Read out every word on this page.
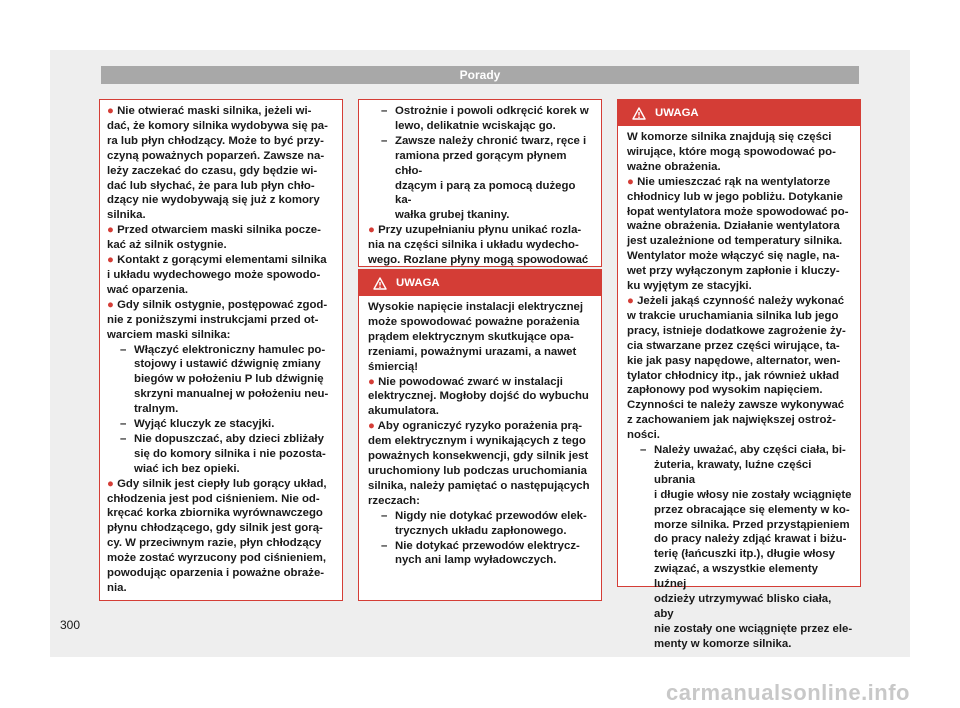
Porady

● Nie otwierać maski silnika, jeżeli wi-
dać, że komory silnika wydobywa się pa-
ra lub płyn chłodzący. Może to być przy-
czyną poważnych poparzeń. Zawsze na-
leży zaczekać do czasu, gdy będzie wi-
dać lub słychać, że para lub płyn chło-
dzący nie wydobywają się już z komory
silnika.

● Przed otwarciem maski silnika pocze-
kać aż silnik ostygnie.

● Kontakt z gorącymi elementami silnika
i układu wydechowego może spowodo-
wać oparzenia.

● Gdy silnik ostygnie, postępować zgod-
nie z poniższymi instrukcjami przed ot-
warciem maski silnika:

– Włączyć elektroniczny hamulec po-
stojowy i ustawić dźwignię zmiany
biegów w położeniu P lub dźwignię
skrzyni manualnej w położeniu neu-
tralnym.

– Wyjąć kluczyk ze stacyjki.

– Nie dopuszczać, aby dzieci zbliżały
się do komory silnika i nie pozosta-
wiać ich bez opieki.

● Gdy silnik jest ciepły lub gorący układ,
chłodzenia jest pod ciśnieniem. Nie od-
kręcać korka zbiornika wyrównawczego
płynu chłodzącego, gdy silnik jest gorą-
cy. W przeciwnym razie, płyn chłodzący
może zostać wyrzucony pod ciśnieniem,
powodując oparzenia i poważne obraże-
nia.

– Ostrożnie i powoli odkręcić korek w
lewo, delikatnie wciskając go.

– Zawsze należy chronić twarz, ręce i
ramiona przed gorącym płynem chło-
dzącym i parą za pomocą dużego ka-
wałka grubej tkaniny.

● Przy uzupełnianiu płynu unikać rozla-
nia na części silnika i układu wydecho-
wego. Rozlane płyny mogą spowodować

UWAGA

Wysokie napięcie instalacji elektrycznej
może spowodować poważne porażenia
prądem elektrycznym skutkujące opa-
rzeniami, poważnymi urazami, a nawet
śmiercią!

● Nie powodować zwarć w instalacji
elektrycznej. Mogłoby dojść do wybuchu
akumulatora.

● Aby ograniczyć ryzyko porażenia prą-
dem elektrycznym i wynikających z tego
poważnych konsekwencji, gdy silnik jest
uruchomiony lub podczas uruchomiania
silnika, należy pamiętać o następujących
rzeczach:

– Nigdy nie dotykać przewodów elek-
trycznych układu zapłonowego.

– Nie dotykać przewodów elektrycz-
nych ani lamp wyładowczych.

UWAGA

W komorze silnika znajdują się części
wirujące, które mogą spowodować po-
ważne obrażenia.

● Nie umieszczać rąk na wentylatorze
chłodnicy lub w jego pobliżu. Dotykanie
łopat wentylatora może spowodować po-
ważne obrażenia. Działanie wentylatora
jest uzależnione od temperatury silnika.
Wentylator może włączyć się nagle, na-
wet przy wyłączonym zapłonie i kluczy-
ku wyjętym ze stacyjki.

● Jeżeli jakąś czynność należy wykonać
w trakcie uruchamiania silnika lub jego
pracy, istnieje dodatkowe zagrożenie ży-
cia stwarzane przez części wirujące, ta-
kie jak pasy napędowe, alternator, wen-
tylator chłodnicy itp., jak również układ
zapłonowy pod wysokim napięciem.
Czynności te należy zawsze wykonywać
z zachowaniem jak największej ostroż-
ności.

– Należy uważać, aby części ciała, bi-
żuteria, krawaty, luźne części ubrania
i długie włosy nie zostały wciągnięte
przez obracające się elementy w ko-
morze silnika. Przed przystąpieniem
do pracy należy zdjąć krawat i biżu-
terię (łańcuszki itp.), długie włosy
związać, a wszystkie elementy luźnej
odzieży utrzymywać blisko ciała, aby
nie zostały one wciągnięte przez ele-
menty w komorze silnika.

300
carmanualsonline.info
